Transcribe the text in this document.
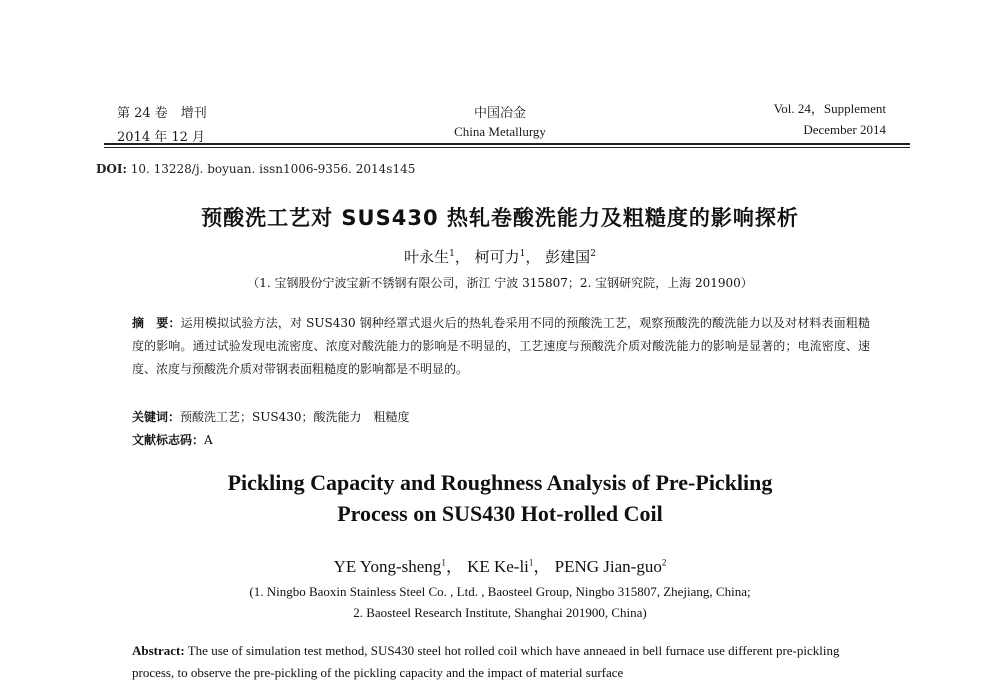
第 24 卷　增刊
2014 年 12 月
中国冶金
China Metallurgy
Vol. 24，Supplement
December 2014
DOI: 10. 13228/j. boyuan. issn1006-9356. 2014s145
预酸洗工艺对 SUS430 热轧卷酸洗能力及粗糙度的影响探析
叶永生$^1$， 柯可力$^1$， 彭建国$^2$
（1. 宝钢股份宁波宝新不锈钢有限公司，浙江 宁波 315807；2. 宝钢研究院，上海 201900）
摘　要：运用模拟试验方法，对 SUS430 钢种经罩式退火后的热轧卷采用不同的预酸洗工艺，观察预酸洗的酸洗能力以及对材料表面粗糙度的影响。通过试验发现电流密度、浓度对酸洗能力的影响是不明显的，工艺速度与预酸洗介质对酸洗能力的影响是显著的；电流密度、速度、浓度与预酸洗介质对带钢表面粗糙度的影响都是不明显的。
关键词：预酸洗工艺；SUS430；酸洗能力　粗糙度
文献标志码：A
Pickling Capacity and Roughness Analysis of Pre-Pickling
Process on SUS430 Hot-rolled Coil
YE Yong-sheng$^1$， KE $Ke-li^1$， PENG Jian-guo$^2$
(1. Ningbo Baoxin Stainless Steel Co. , Ltd. , Baosteel Group, Ningbo 315807, Zhejiang, China;
2. Baosteel Research Institute, Shanghai 201900, China)
Abstract: The use of simulation test method, SUS430 steel hot rolled coil which have anneaed in bell furnace use different pre-pickling process, to observe the pre-pickling of the pickling capacity and the impact of material surface
